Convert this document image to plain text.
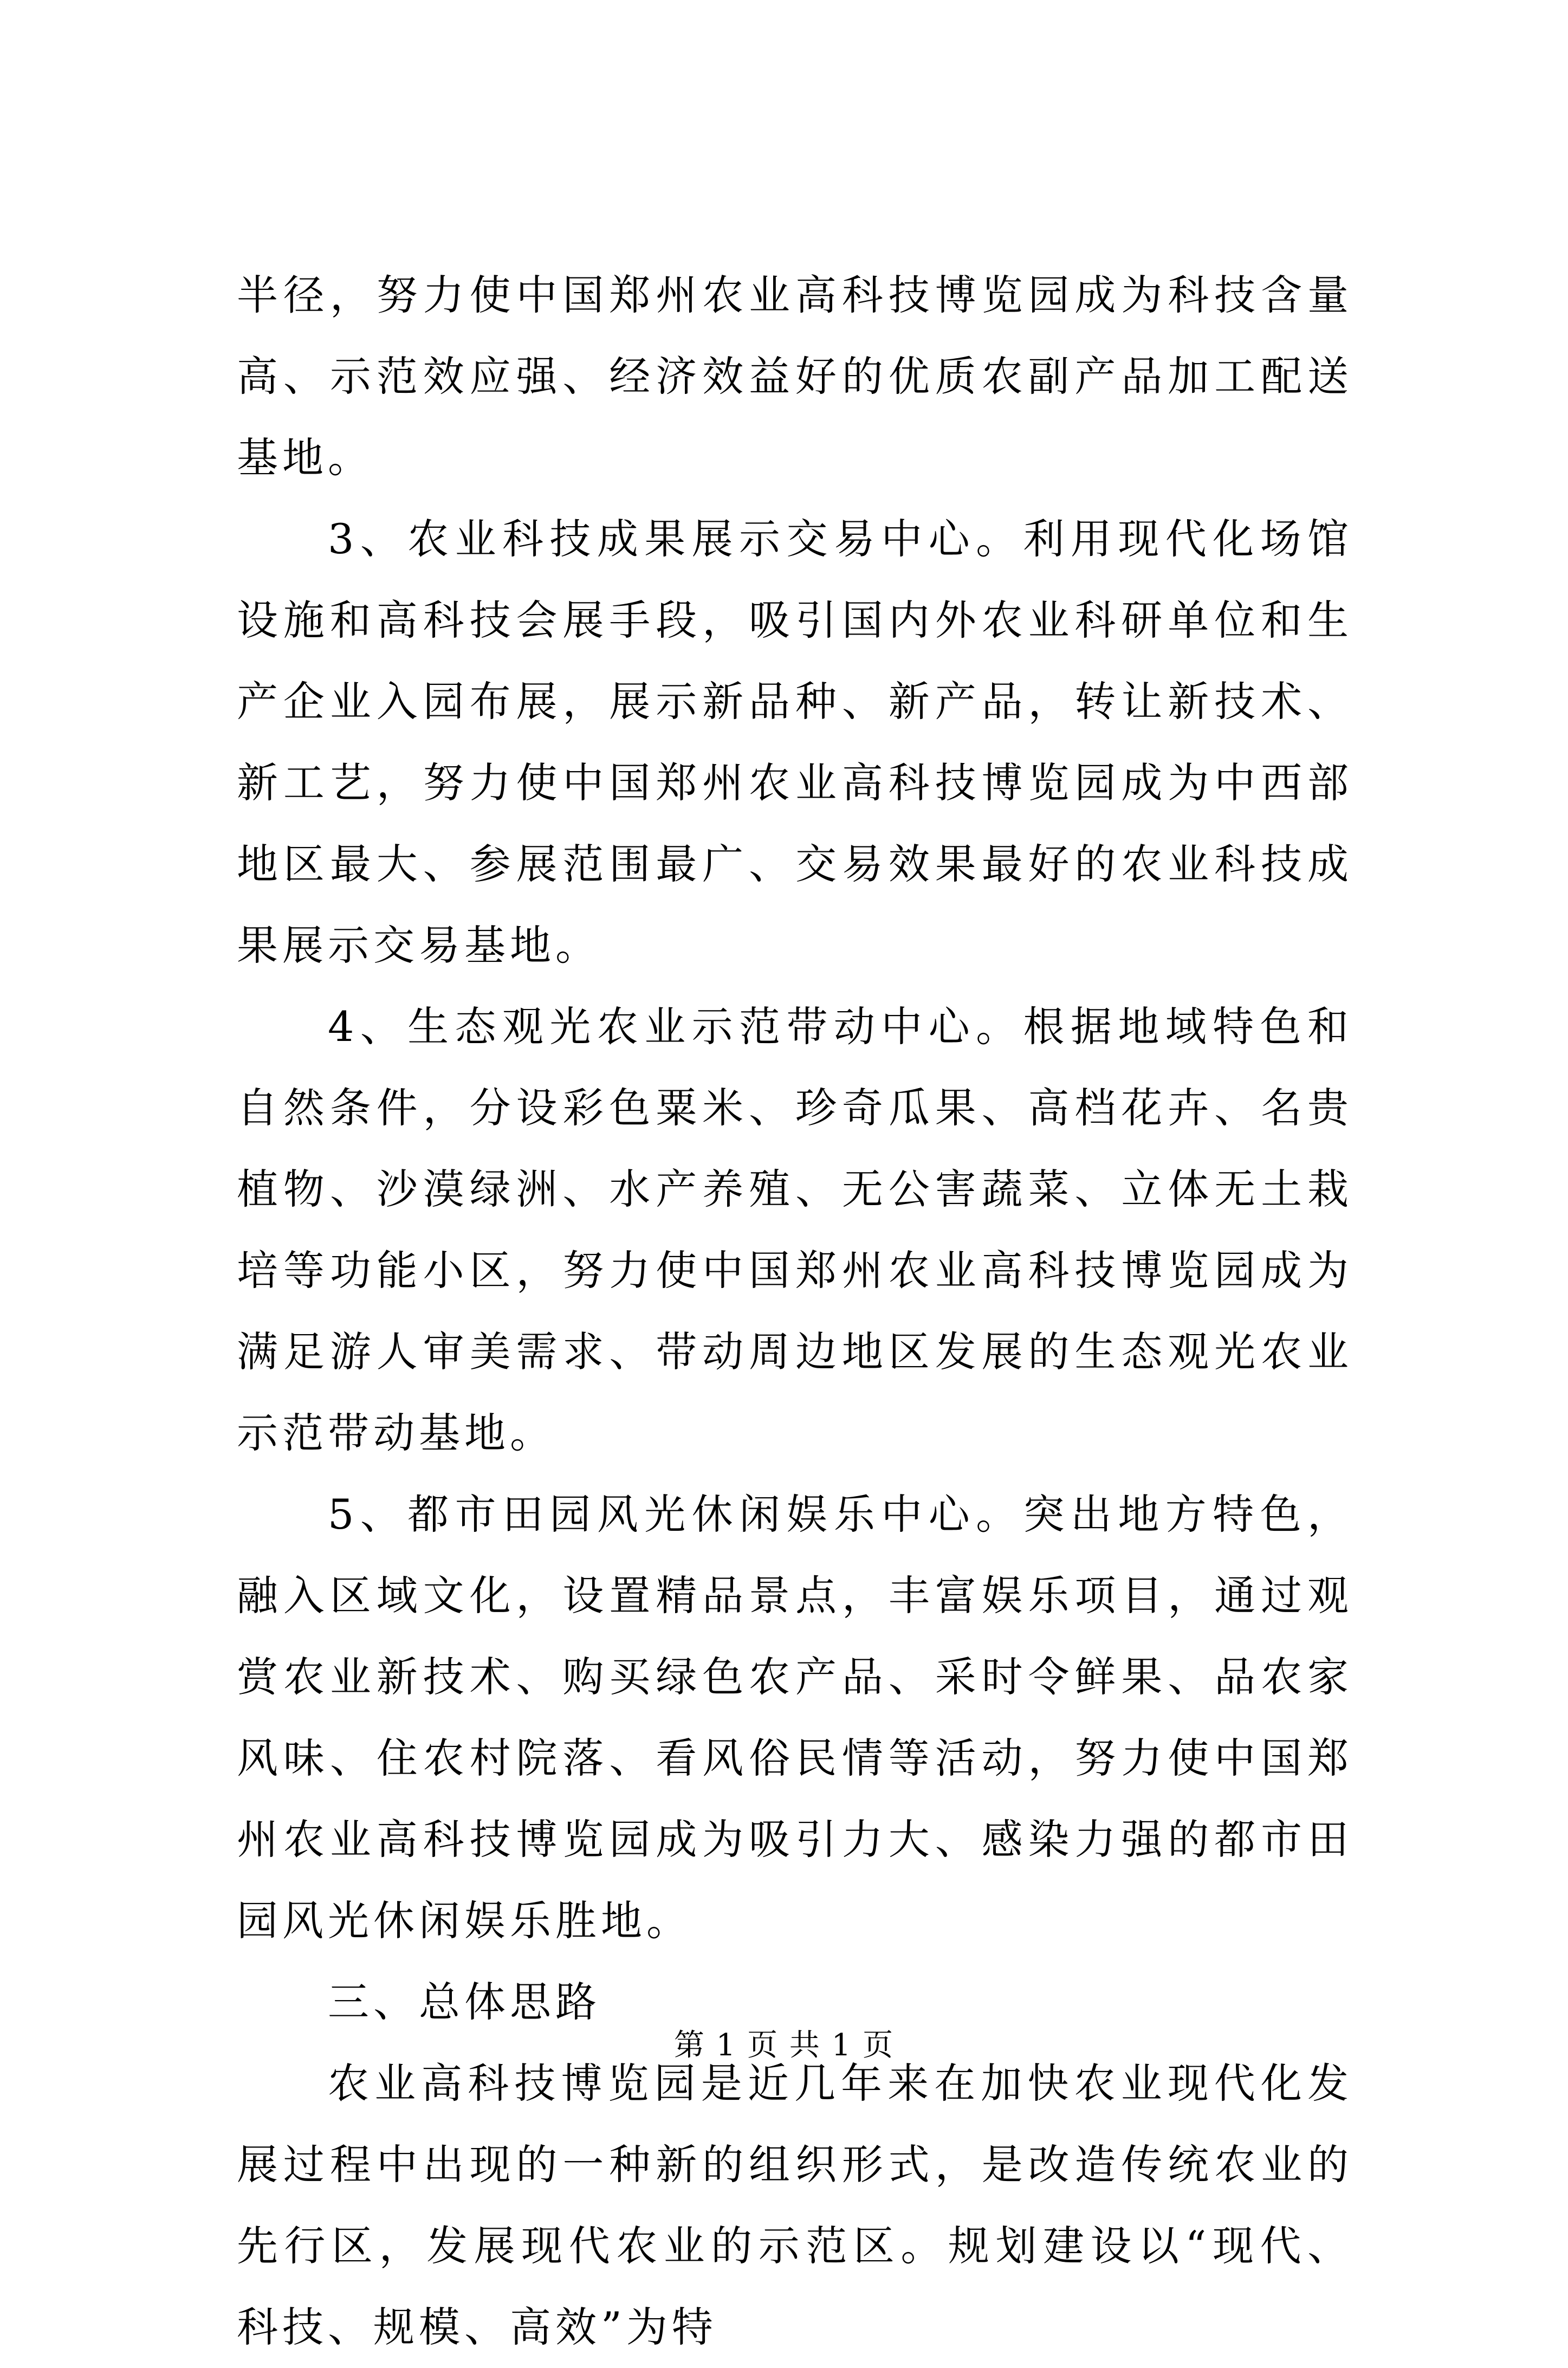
半径，努力使中国郑州农业高科技博览园成为科技含量高、示范效应强、经济效益好的优质农副产品加工配送基地。

3、农业科技成果展示交易中心。利用现代化场馆设施和高科技会展手段，吸引国内外农业科研单位和生产企业入园布展，展示新品种、新产品，转让新技术、新工艺，努力使中国郑州农业高科技博览园成为中西部地区最大、参展范围最广、交易效果最好的农业科技成果展示交易基地。

4、生态观光农业示范带动中心。根据地域特色和自然条件，分设彩色粟米、珍奇瓜果、高档花卉、名贵植物、沙漠绿洲、水产养殖、无公害蔬菜、立体无土栽培等功能小区，努力使中国郑州农业高科技博览园成为满足游人审美需求、带动周边地区发展的生态观光农业示范带动基地。

5、都市田园风光休闲娱乐中心。突出地方特色，融入区域文化，设置精品景点，丰富娱乐项目，通过观赏农业新技术、购买绿色农产品、采时令鲜果、品农家风味、住农村院落、看风俗民情等活动，努力使中国郑州农业高科技博览园成为吸引力大、感染力强的都市田园风光休闲娱乐胜地。

三、总体思路

农业高科技博览园是近几年来在加快农业现代化发展过程中出现的一种新的组织形式，是改造传统农业的先行区，发展现代农业的示范区。规划建设以“现代、科技、规模、高效”为特

第 1 页 共 1 页
